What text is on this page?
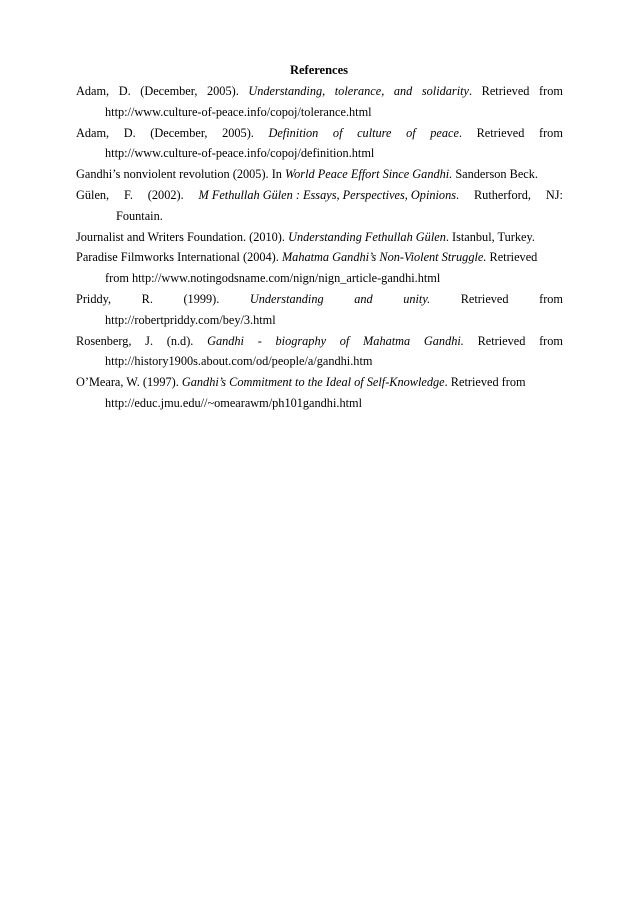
References
Adam, D. (December, 2005). Understanding, tolerance, and solidarity. Retrieved from
http://www.culture-of-peace.info/copoj/tolerance.html
Adam, D. (December, 2005). Definition of culture of peace. Retrieved from
http://www.culture-of-peace.info/copoj/definition.html
Gandhi’s nonviolent revolution (2005). In World Peace Effort Since Gandhi. Sanderson Beck.
Gülen, F. (2002). M Fethullah Gülen : Essays, Perspectives, Opinions. Rutherford, NJ:
Fountain.
Journalist and Writers Foundation. (2010). Understanding Fethullah Gülen . Istanbul, Turkey.
Paradise Filmworks International (2004). Mahatma Gandhi’s Non-Violent Struggle. Retrieved
from http://www.notingodsname.com/nign/nign_article-gandhi.html
Priddy, R. (1999). Understanding and unity. Retrieved from
http://robertpriddy.com/bey/3.html
Rosenberg, J. (n.d). Gandhi - biography of Mahatma Gandhi. Retrieved from
http://history1900s.about.com/od/people/a/gandhi.htm
O’Meara, W. (1997). Gandhi’s Commitment to the Ideal of Self-Knowledge . Retrieved from
http://educ.jmu.edu//~omearawm/ph101gandhi.html
